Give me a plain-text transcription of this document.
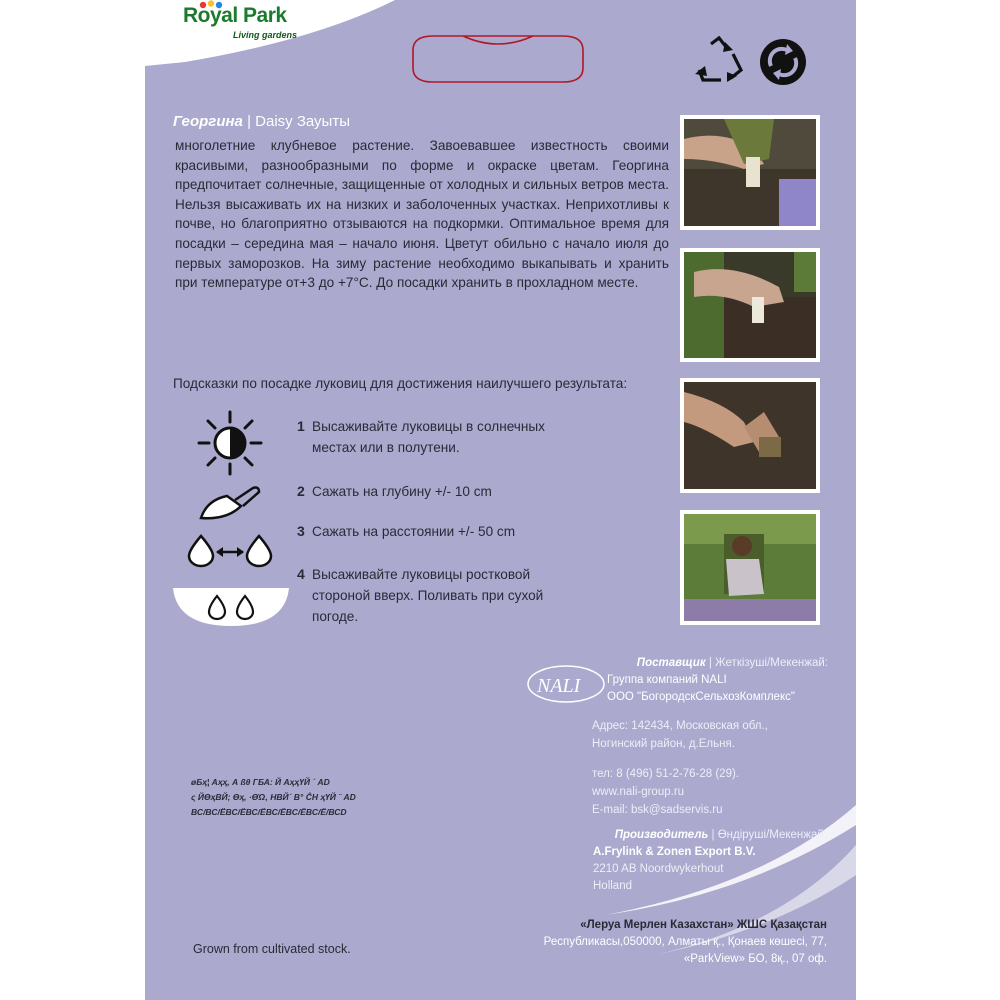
Royal Park
Living gardens
Георгина | Daisy Зауыты
многолетние клубневое растение. Завоевавшее известность своими красивыми, разнообразными по форме и окраске цветам. Георгина предпочитает солнечные, защищенные от холодных и сильных ветров места. Нельзя высаживать их на низких и заболоченных участках. Неприхотливы к почве, но благоприятно отзываются на подкормки. Оптимальное время для посадки – середина мая – начало июня. Цветут обильно с начало июля до первых заморозков. На зиму растение необходимо выкапывать и хранить при температуре от+3 до +7°С. До посадки хранить в прохладном месте.
Подсказки по посадке луковиц для достижения наилучшего результата:
1 Высаживайте луковицы в солнечных
местах или в полутени.
2 Сажать на глубину +/- 10 cm
3 Сажать на расстоянии +/- 50 cm
4 Высаживайте луковицы ростковой
стороной вверх. Поливать при сухой
погоде.
NALI
Поставщик | Жеткізуші/Мекенжай:
Группа компаний NALI
ООО "БогородскСельхозКомплекс"
Адрес: 142434, Московская обл.,
Ногинский район, д.Ельня.
тел: 8 (496) 51-2-76-28 (29).
www.nali-group.ru
E-mail: bsk@sadservis.ru
Производитель | Өндіруші/Мекенжай:
A.Frylink & Zonen Export B.V.
2210 AB Noordwykerhout
Holland
øБҳ¦ Аҳҳ, А ßθ ГБА: Й АҳҳҮЙ ´ АD
ς ЙӨҳВЙ; Өҳ, ·ӨΏ, НВЙ´ В° ĈН ҳҮЙ ¨ АD
ВС/ВС/ЁВС/ЁВС/ЁВС/ЁВС/ЁВС/Ё/ВСD
Grown from cultivated stock.
«Леруа Мерлен Казахстан» ЖШС Қазақстан
Республикасы,050000, Алматы қ., Қонаев көшесі, 77,
«ParkView» БО, 8қ., 07 оф.
